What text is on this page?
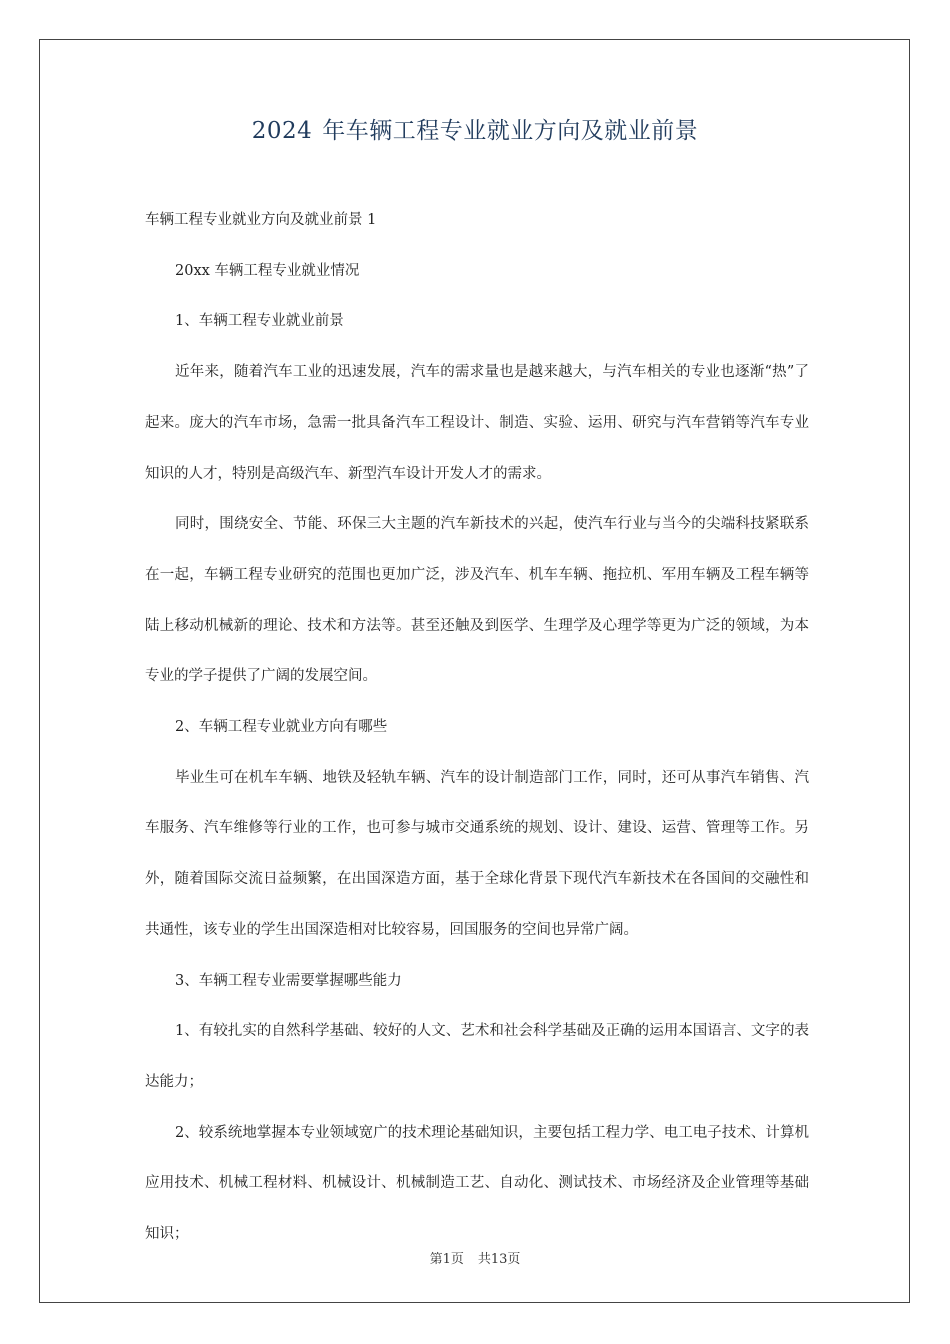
2024 年车辆工程专业就业方向及就业前景

车辆工程专业就业方向及就业前景 1

20xx 车辆工程专业就业情况

1、车辆工程专业就业前景

近年来，随着汽车工业的迅速发展，汽车的需求量也是越来越大，与汽车相关的专业也逐渐“热”了起来。庞大的汽车市场，急需一批具备汽车工程设计、制造、实验、运用、研究与汽车营销等汽车专业知识的人才，特别是高级汽车、新型汽车设计开发人才的需求。

同时，围绕安全、节能、环保三大主题的汽车新技术的兴起，使汽车行业与当今的尖端科技紧联系在一起，车辆工程专业研究的范围也更加广泛，涉及汽车、机车车辆、拖拉机、军用车辆及工程车辆等陆上移动机械新的理论、技术和方法等。甚至还触及到医学、生理学及心理学等更为广泛的领域，为本专业的学子提供了广阔的发展空间。

2、车辆工程专业就业方向有哪些

毕业生可在机车车辆、地铁及轻轨车辆、汽车的设计制造部门工作，同时，还可从事汽车销售、汽车服务、汽车维修等行业的工作，也可参与城市交通系统的规划、设计、建设、运营、管理等工作。另外，随着国际交流日益频繁，在出国深造方面，基于全球化背景下现代汽车新技术在各国间的交融性和共通性，该专业的学生出国深造相对比较容易，回国服务的空间也异常广阔。

3、车辆工程专业需要掌握哪些能力

1、有较扎实的自然科学基础、较好的人文、艺术和社会科学基础及正确的运用本国语言、文字的表达能力；

2、较系统地掌握本专业领域宽广的技术理论基础知识，主要包括工程力学、电工电子技术、计算机应用技术、机械工程材料、机械设计、机械制造工艺、自动化、测试技术、市场经济及企业管理等基础知识；

第1页 共13页
